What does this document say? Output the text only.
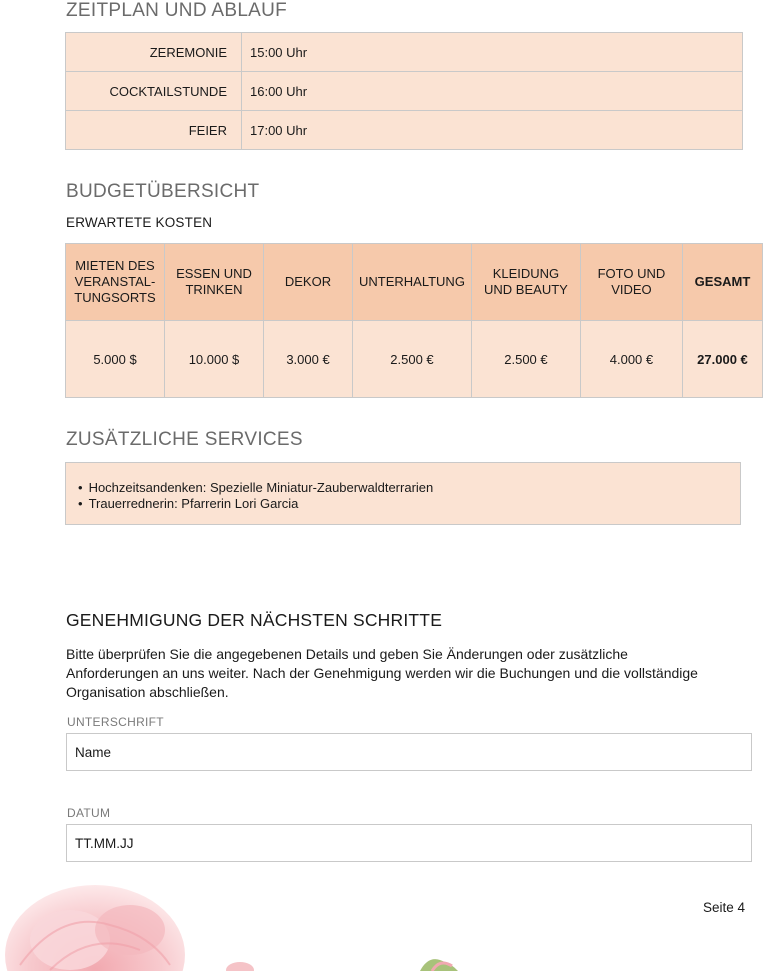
ZEITPLAN UND ABLAUF
ZEREMONIE	15:00 Uhr
COCKTAILSTUNDE	16:00 Uhr
FEIER	17:00 Uhr
BUDGETÜBERSICHT
ERWARTETE KOSTEN
MIETEN DES VERANSTAL-TUNGSORTS	ESSEN UND TRINKEN	DEKOR	UNTERHALTUNG	KLEIDUNG UND BEAUTY	FOTO UND VIDEO	GESAMT
5.000 $	10.000 $	3.000 €	2.500 €	2.500 €	4.000 €	27.000 €
ZUSÄTZLICHE SERVICES
• Hochzeitsandenken: Spezielle Miniatur-Zauberwaldterrarien
• Trauerrednerin: Pfarrerin Lori Garcia
GENEHMIGUNG DER NÄCHSTEN SCHRITTE

Bitte überprüfen Sie die angegebenen Details und geben Sie Änderungen oder zusätzliche Anforderungen an uns weiter. Nach der Genehmigung werden wir die Buchungen und die vollständige Organisation abschließen.

UNTERSCHRIFT
Name
DATUM
TT.MM.JJ
Seite 4
